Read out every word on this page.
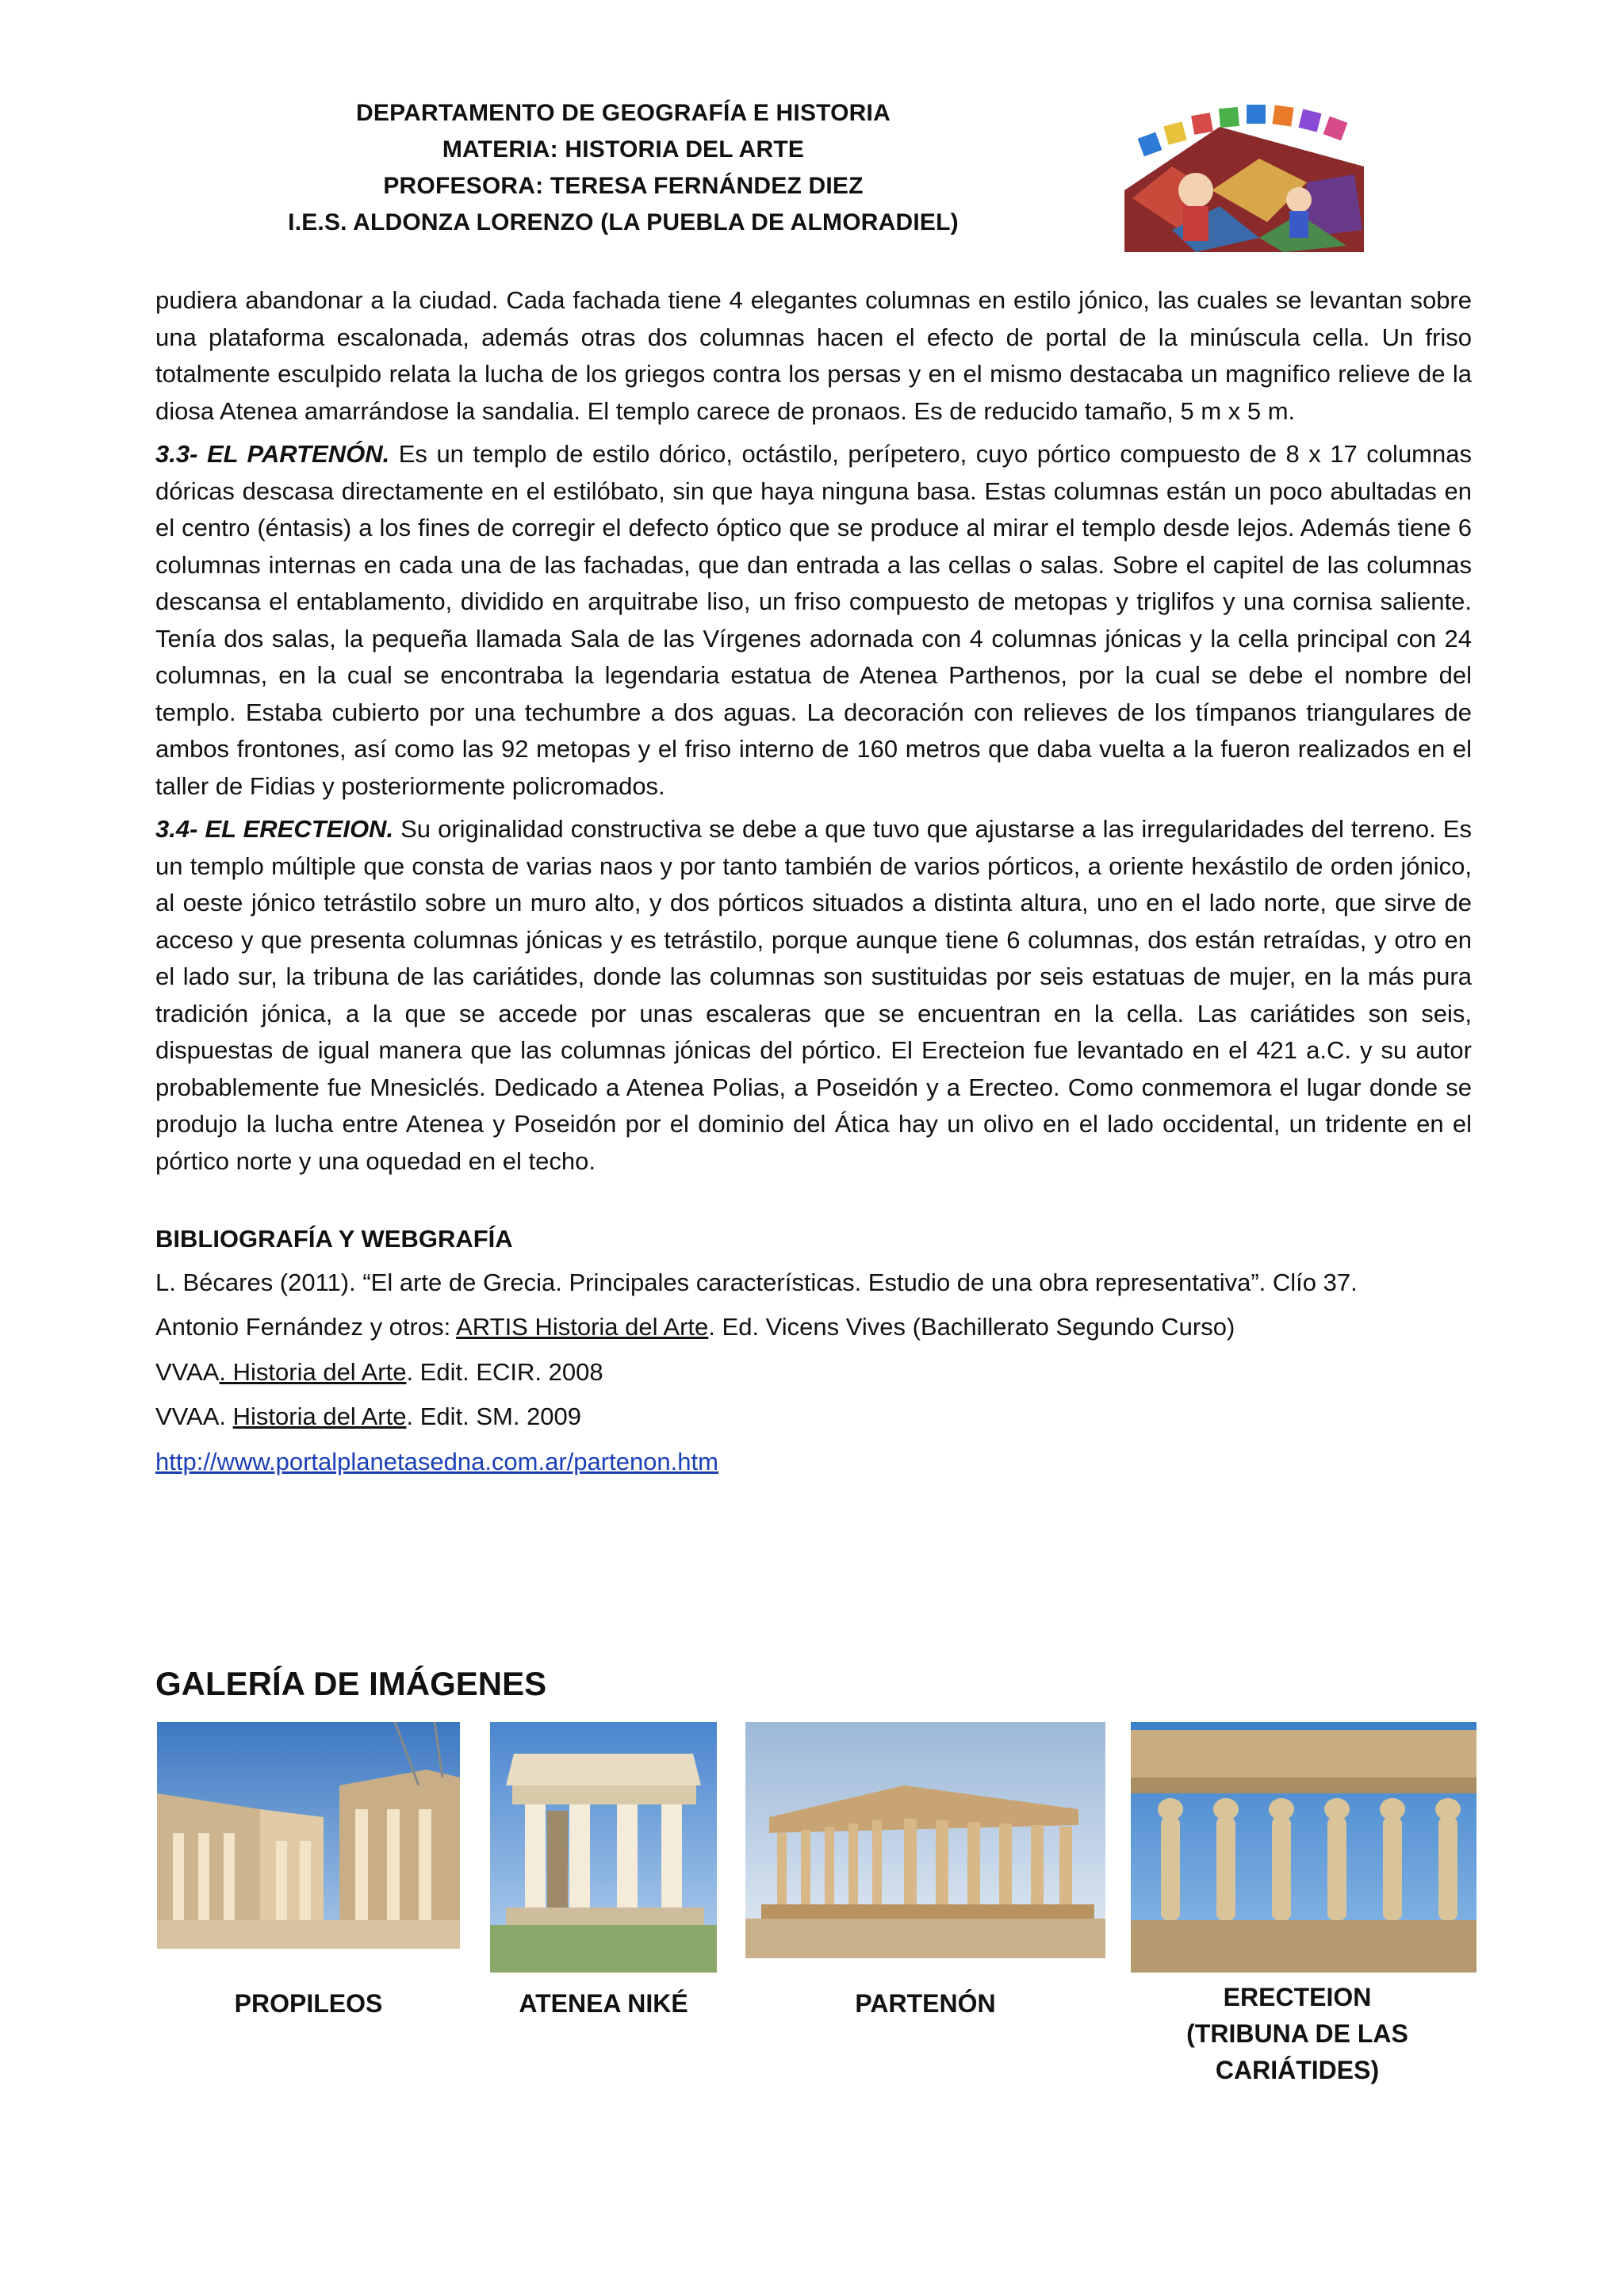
DEPARTAMENTO DE GEOGRAFÍA E HISTORIA
MATERIA: HISTORIA DEL ARTE
PROFESORA: TERESA FERNÁNDEZ DIEZ
I.E.S. ALDONZA LORENZO (LA PUEBLA DE ALMORADIEL)

pudiera abandonar a la ciudad. Cada fachada tiene 4 elegantes columnas en estilo jónico, las cuales se levantan sobre una plataforma escalonada, además otras dos columnas hacen el efecto de portal de la minúscula cella. Un friso totalmente esculpido relata la lucha de los griegos contra los persas y en el mismo destacaba un magnifico relieve de la diosa Atenea amarrándose la sandalia. El templo carece de pronaos. Es de reducido tamaño, 5 m x 5 m.

3.3- EL PARTENÓN. Es un templo de estilo dórico, octástilo, perípetero, cuyo pórtico compuesto de 8 x 17 columnas dóricas descasa directamente en el estilóbato, sin que haya ninguna basa. Estas columnas están un poco abultadas en el centro (éntasis) a los fines de corregir el defecto óptico que se produce al mirar el templo desde lejos. Además tiene 6 columnas internas en cada una de las fachadas, que dan entrada a las cellas o salas. Sobre el capitel de las columnas descansa el entablamento, dividido en arquitrabe liso, un friso compuesto de metopas y triglifos y una cornisa saliente. Tenía dos salas, la pequeña llamada Sala de las Vírgenes adornada con 4 columnas jónicas y la cella principal con 24 columnas, en la cual se encontraba la legendaria estatua de Atenea Parthenos, por la cual se debe el nombre del templo. Estaba cubierto por una techumbre a dos aguas. La decoración con relieves de los tímpanos triangulares de ambos frontones, así como las 92 metopas y el friso interno de 160 metros que daba vuelta a la fueron realizados en el taller de Fidias y posteriormente policromados.

3.4- EL ERECTEION. Su originalidad constructiva se debe a que tuvo que ajustarse a las irregularidades del terreno. Es un templo múltiple que consta de varias naos y por tanto también de varios pórticos, a oriente hexástilo de orden jónico, al oeste jónico tetrástilo sobre un muro alto, y dos pórticos situados a distinta altura, uno en el lado norte, que sirve de acceso y que presenta columnas jónicas y es tetrástilo, porque aunque tiene 6 columnas, dos están retraídas, y otro en el lado sur, la tribuna de las cariátides, donde las columnas son sustituidas por seis estatuas de mujer, en la más pura tradición jónica, a la que se accede por unas escaleras que se encuentran en la cella. Las cariátides son seis, dispuestas de igual manera que las columnas jónicas del pórtico. El Erecteion fue levantado en el 421 a.C. y su autor probablemente fue Mnesiclés. Dedicado a Atenea Polias, a Poseidón y a Erecteo. Como conmemora el lugar donde se produjo la lucha entre Atenea y Poseidón por el dominio del Ática hay un olivo en el lado occidental, un tridente en el pórtico norte y una oquedad en el techo.

BIBLIOGRAFÍA Y WEBGRAFÍA
L. Bécares (2011). “El arte de Grecia. Principales características. Estudio de una obra representativa”. Clío 37.
Antonio Fernández y otros: ARTIS Historia del Arte. Ed. Vicens Vives (Bachillerato Segundo Curso)
VVAA. Historia del Arte. Edit. ECIR. 2008
VVAA. Historia del Arte. Edit. SM. 2009
http://www.portalplanetasedna.com.ar/partenon.htm
GALERÍA DE IMÁGENES
PROPILEOS	ATENEA NIKÉ	PARTENÓN	ERECTEION
(TRIBUNA DE LAS
CARIÁTIDES)
